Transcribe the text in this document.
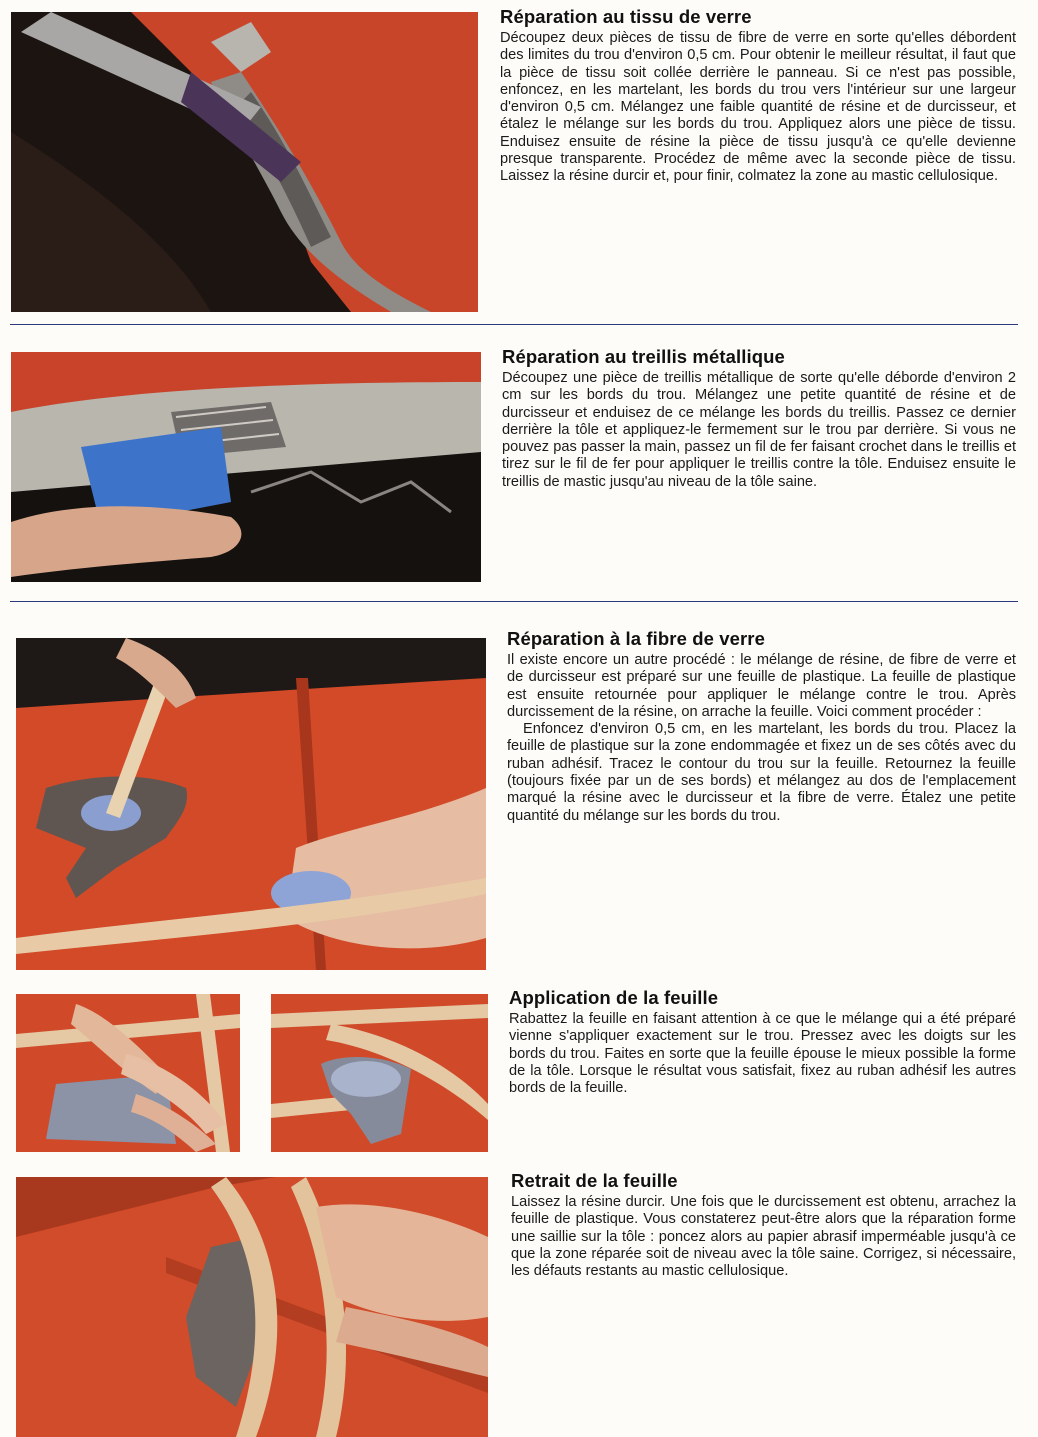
Réparation au tissu de verre

Découpez deux pièces de tissu de fibre de verre en sorte qu'elles débordent des limites du trou d'environ 0,5 cm. Pour obtenir le meilleur résultat, il faut que la pièce de tissu soit collée derrière le panneau. Si ce n'est pas possible, enfoncez, en les martelant, les bords du trou vers l'intérieur sur une largeur d'environ 0,5 cm. Mélangez une faible quantité de résine et de durcisseur, et étalez le mélange sur les bords du trou. Appliquez alors une pièce de tissu. Enduisez ensuite de résine la pièce de tissu jusqu'à ce qu'elle devienne presque transparente. Procédez de même avec la seconde pièce de tissu. Laissez la résine durcir et, pour finir, colmatez la zone au mastic cellulosique.

Réparation au treillis métallique

Découpez une pièce de treillis métallique de sorte qu'elle déborde d'environ 2 cm sur les bords du trou. Mélangez une petite quantité de résine et de durcisseur et enduisez de ce mélange les bords du treillis. Passez ce dernier derrière la tôle et appliquez-le fermement sur le trou par derrière. Si vous ne pouvez pas passer la main, passez un fil de fer faisant crochet dans le treillis et tirez sur le fil de fer pour appliquer le treillis contre la tôle. Enduisez ensuite le treillis de mastic jusqu'au niveau de la tôle saine.

Réparation à la fibre de verre

Il existe encore un autre procédé : le mélange de résine, de fibre de verre et de durcisseur est préparé sur une feuille de plastique. La feuille de plastique est ensuite retournée pour appliquer le mélange contre le trou. Après durcissement de la résine, on arrache la feuille. Voici comment procéder :

Enfoncez d'environ 0,5 cm, en les martelant, les bords du trou. Placez la feuille de plastique sur la zone endommagée et fixez un de ses côtés avec du ruban adhésif. Tracez le contour du trou sur la feuille. Retournez la feuille (toujours fixée par un de ses bords) et mélangez au dos de l'emplacement marqué la résine avec le durcisseur et la fibre de verre. Étalez une petite quantité du mélange sur les bords du trou.

Application de la feuille

Rabattez la feuille en faisant attention à ce que le mélange qui a été préparé vienne s'appliquer exactement sur le trou. Pressez avec les doigts sur les bords du trou. Faites en sorte que la feuille épouse le mieux possible la forme de la tôle. Lorsque le résultat vous satisfait, fixez au ruban adhésif les autres bords de la feuille.

Retrait de la feuille

Laissez la résine durcir. Une fois que le durcissement est obtenu, arrachez la feuille de plastique. Vous constaterez peut-être alors que la réparation forme une saillie sur la tôle : poncez alors au papier abrasif imperméable jusqu'à ce que la zone réparée soit de niveau avec la tôle saine. Corrigez, si nécessaire, les défauts restants au mastic cellulosique.
